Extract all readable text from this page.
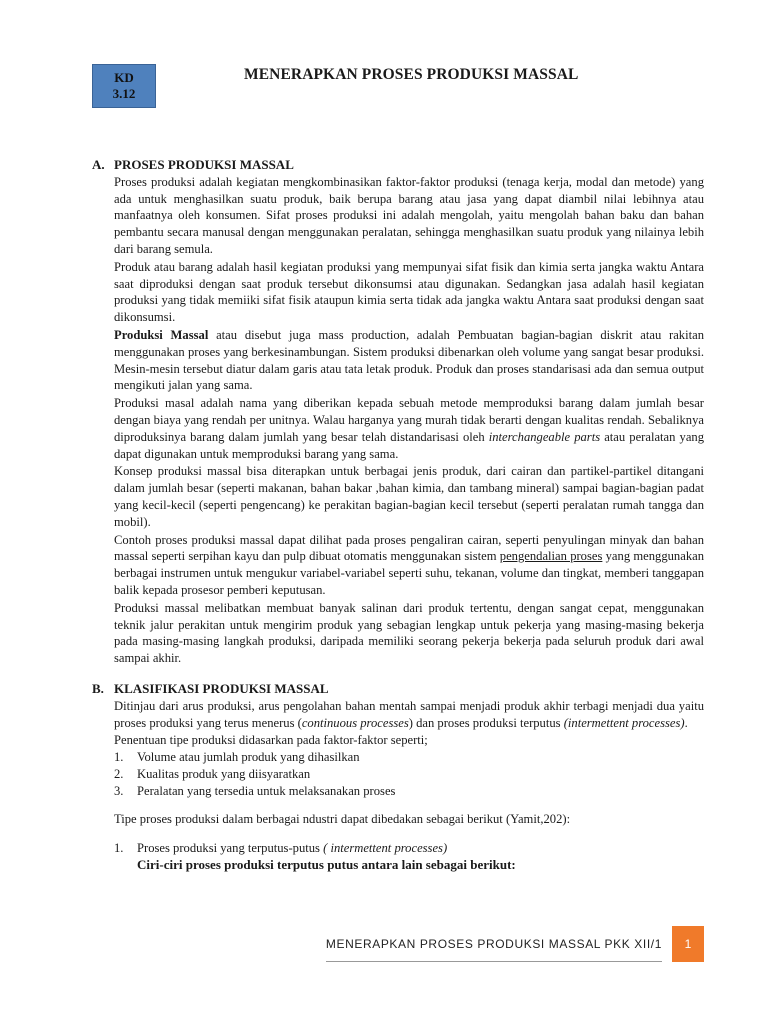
KD
3.12
MENERAPKAN PROSES PRODUKSI MASSAL
A. PROSES PRODUKSI MASSAL

Proses produksi adalah kegiatan mengkombinasikan faktor-faktor produksi (tenaga kerja, modal dan metode) yang ada untuk menghasilkan suatu produk, baik berupa barang atau jasa yang dapat diambil nilai lebihnya atau manfaatnya oleh konsumen. Sifat proses produksi ini adalah mengolah, yaitu mengolah bahan baku dan bahan pembantu secara manusal dengan menggunakan peralatan, sehingga menghasilkan suatu produk yang nilainya lebih dari barang semula.

Produk atau barang adalah hasil kegiatan produksi yang mempunyai sifat fisik dan kimia serta jangka waktu Antara saat diproduksi dengan saat produk tersebut dikonsumsi atau digunakan. Sedangkan jasa adalah hasil kegiatan produksi yang tidak memiiki sifat fisik ataupun kimia serta tidak ada jangka waktu Antara saat produksi dengan saat dikonsumsi.

Produksi Massal atau disebut juga mass production, adalah Pembuatan bagian-bagian diskrit atau rakitan menggunakan proses yang berkesinambungan. Sistem produksi dibenarkan oleh volume yang sangat besar produksi. Mesin-mesin tersebut diatur dalam garis atau tata letak produk. Produk dan proses standarisasi ada dan semua output mengikuti jalan yang sama.

Produksi masal adalah nama yang diberikan kepada sebuah metode memproduksi barang dalam jumlah besar dengan biaya yang rendah per unitnya. Walau harganya yang murah tidak berarti dengan kualitas rendah. Sebaliknya diproduksinya barang dalam jumlah yang besar telah distandarisasi oleh interchangeable parts atau peralatan yang dapat digunakan untuk memproduksi barang yang sama.

Konsep produksi massal bisa diterapkan untuk berbagai jenis produk, dari cairan dan partikel-partikel ditangani dalam jumlah besar (seperti makanan, bahan bakar ,bahan kimia, dan tambang mineral) sampai bagian-bagian padat yang kecil-kecil (seperti pengencang) ke perakitan bagian-bagian kecil tersebut (seperti peralatan rumah tangga dan mobil).

Contoh proses produksi massal dapat dilihat pada proses pengaliran cairan, seperti penyulingan minyak dan bahan massal seperti serpihan kayu dan pulp dibuat otomatis menggunakan sistem pengendalian proses yang menggunakan berbagai instrumen untuk mengukur variabel-variabel seperti suhu, tekanan, volume dan tingkat, memberi tanggapan balik kepada prosesor pemberi keputusan.

Produksi massal melibatkan membuat banyak salinan dari produk tertentu, dengan sangat cepat, menggunakan teknik jalur perakitan untuk mengirim produk yang sebagian lengkap untuk pekerja yang masing-masing bekerja pada masing-masing langkah produksi, daripada memiliki seorang pekerja bekerja pada seluruh produk dari awal sampai akhir.

B. KLASIFIKASI PRODUKSI MASSAL

Ditinjau dari arus produksi, arus pengolahan bahan mentah sampai menjadi produk akhir terbagi menjadi dua yaitu proses produksi yang terus menerus (continuous processes) dan proses produksi terputus (intermettent processes).

Penentuan tipe produksi didasarkan pada faktor-faktor seperti;

1.	Volume atau jumlah produk yang dihasilkan
2.	Kualitas produk yang diisyaratkan
3.	Peralatan yang tersedia untuk melaksanakan proses

Tipe proses produksi dalam berbagai ndustri dapat dibedakan sebagai berikut (Yamit,202):

1.	Proses produksi yang terputus-putus ( intermettent processes)
Ciri-ciri proses produksi terputus putus antara lain sebagai berikut:
MENERAPKAN PROSES PRODUKSI MASSAL PKK XII/1	1
